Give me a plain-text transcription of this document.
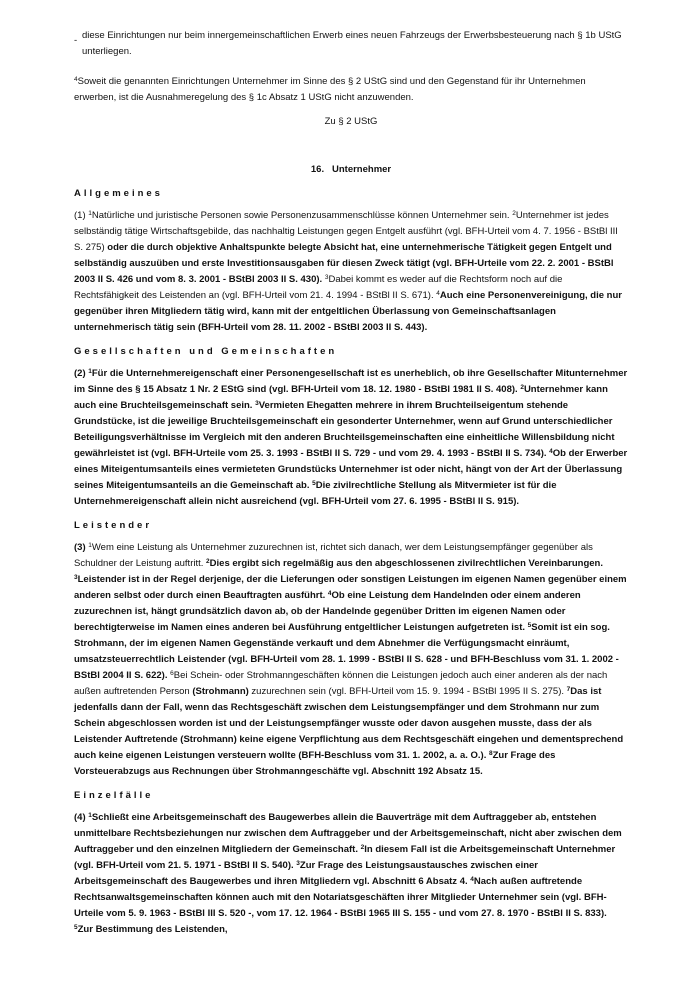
- diese Einrichtungen nur beim innergemeinschaftlichen Erwerb eines neuen Fahrzeugs der Erwerbsbesteuerung nach § 1b UStG unterliegen.

$^4$Soweit die genannten Einrichtungen Unternehmer im Sinne des § 2 UStG sind und den Gegenstand für ihr Unternehmen erwerben, ist die Ausnahmeregelung des § 1c Absatz 1 UStG nicht anzuwenden.

Zu § 2 UStG

16.   Unternehmer

Allgemeines

(1) $^1$Natürliche und juristische Personen sowie Personenzusammenschlüsse können Unternehmer sein. $^2$Unternehmer ist jedes selbständig tätige Wirtschaftsgebilde, das nachhaltig Leistungen gegen Entgelt ausführt (vgl. BFH-Urteil vom 4. 7. 1956 - BStBl III S. 275) oder die durch objektive Anhaltspunkte belegte Absicht hat, eine unternehmerische Tätigkeit gegen Entgelt und selbständig auszuüben und erste Investitionsausgaben für diesen Zweck tätigt (vgl. BFH-Urteile vom 22. 2. 2001 - BStBl 2003 II S. 426 und vom 8. 3. 2001 - BStBl 2003 II S. 430). $^3$Dabei kommt es weder auf die Rechtsform noch auf die Rechtsfähigkeit des Leistenden an (vgl. BFH-Urteil vom 21. 4. 1994 - BStBl II S. 671). $^4$Auch eine Personenvereinigung, die nur gegenüber ihren Mitgliedern tätig wird, kann mit der entgeltlichen Überlassung von Gemeinschaftsanlagen unternehmerisch tätig sein (BFH-Urteil vom 28. 11. 2002 - BStBl 2003 II S. 443).

Gesellschaften und Gemeinschaften

(2) $^1$Für die Unternehmereigenschaft einer Personengesellschaft ist es unerheblich, ob ihre Gesellschafter Mitunternehmer im Sinne des § 15 Absatz 1 Nr. 2 EStG sind (vgl. BFH-Urteil vom 18. 12. 1980 - BStBl 1981 II S. 408). $^2$Unternehmer kann auch eine Bruchteilsgemeinschaft sein. $^3$Vermieten Ehegatten mehrere in ihrem Bruchteilseigentum stehende Grundstücke, ist die jeweilige Bruchteilsgemeinschaft ein gesonderter Unternehmer, wenn auf Grund unterschiedlicher Beteiligungsverhältnisse im Vergleich mit den anderen Bruchteilsgemeinschaften eine einheitliche Willensbildung nicht gewährleistet ist (vgl. BFH-Urteile vom 25. 3. 1993 - BStBl II S. 729 - und vom 29. 4. 1993 - BStBl II S. 734). $^4$Ob der Erwerber eines Miteigentumsanteils eines vermieteten Grundstücks Unternehmer ist oder nicht, hängt von der Art der Überlassung seines Miteigentumsanteils an die Gemeinschaft ab. $^5$Die zivilrechtliche Stellung als Mitvermieter ist für die Unternehmereigenschaft allein nicht ausreichend (vgl. BFH-Urteil vom 27. 6. 1995 - BStBl II S. 915).

Leistender

(3) $^1$Wem eine Leistung als Unternehmer zuzurechnen ist, richtet sich danach, wer dem Leistungsempfänger gegenüber als Schuldner der Leistung auftritt. $^2$Dies ergibt sich regelmäßig aus den abgeschlossenen zivilrechtlichen Vereinbarungen. $^3$Leistender ist in der Regel derjenige, der die Lieferungen oder sonstigen Leistungen im eigenen Namen gegenüber einem anderen selbst oder durch einen Beauftragten ausführt. $^4$Ob eine Leistung dem Handelnden oder einem anderen zuzurechnen ist, hängt grundsätzlich davon ab, ob der Handelnde gegenüber Dritten im eigenen Namen oder berechtigterweise im Namen eines anderen bei Ausführung entgeltlicher Leistungen aufgetreten ist. $^5$Somit ist ein sog. Strohmann, der im eigenen Namen Gegenstände verkauft und dem Abnehmer die Verfügungsmacht einräumt, umsatzsteuerrechtlich Leistender (vgl. BFH-Urteil vom 28. 1. 1999 - BStBl II S. 628 - und BFH-Beschluss vom 31. 1. 2002 - BStBl 2004 II S. 622). $^6$Bei Schein- oder Strohmanngeschäften können die Leistungen jedoch auch einer anderen als der nach außen auftretenden Person (Strohmann) zuzurechnen sein (vgl. BFH-Urteil vom 15. 9. 1994 - BStBl 1995 II S. 275). $^7$Das ist jedenfalls dann der Fall, wenn das Rechtsgeschäft zwischen dem Leistungsempfänger und dem Strohmann nur zum Schein abgeschlossen worden ist und der Leistungsempfänger wusste oder davon ausgehen musste, dass der als Leistender Auftretende (Strohmann) keine eigene Verpflichtung aus dem Rechtsgeschäft eingehen und dementsprechend auch keine eigenen Leistungen versteuern wollte (BFH-Beschluss vom 31. 1. 2002, a. a. O.). $^8$Zur Frage des Vorsteuerabzugs aus Rechnungen über Strohmanngeschäfte vgl. Abschnitt 192 Absatz 15.

Einzelfälle

(4) $^1$Schließt eine Arbeitsgemeinschaft des Baugewerbes allein die Bauverträge mit dem Auftraggeber ab, entstehen unmittelbare Rechtsbeziehungen nur zwischen dem Auftraggeber und der Arbeitsgemeinschaft, nicht aber zwischen dem Auftraggeber und den einzelnen Mitgliedern der Gemeinschaft. $^2$In diesem Fall ist die Arbeitsgemeinschaft Unternehmer (vgl. BFH-Urteil vom 21. 5. 1971 - BStBl II S. 540). $^3$Zur Frage des Leistungsaustausches zwischen einer Arbeitsgemeinschaft des Baugewerbes und ihren Mitgliedern vgl. Abschnitt 6 Absatz 4. $^4$Nach außen auftretende Rechtsanwaltsgemeinschaften können auch mit den Notariatsgeschäften ihrer Mitglieder Unternehmer sein (vgl. BFH-Urteile vom 5. 9. 1963 - BStBl III S. 520 -, vom 17. 12. 1964 - BStBl 1965 III S. 155 - und vom 27. 8. 1970 - BStBl II S. 833). $^5$Zur Bestimmung des Leistenden,
